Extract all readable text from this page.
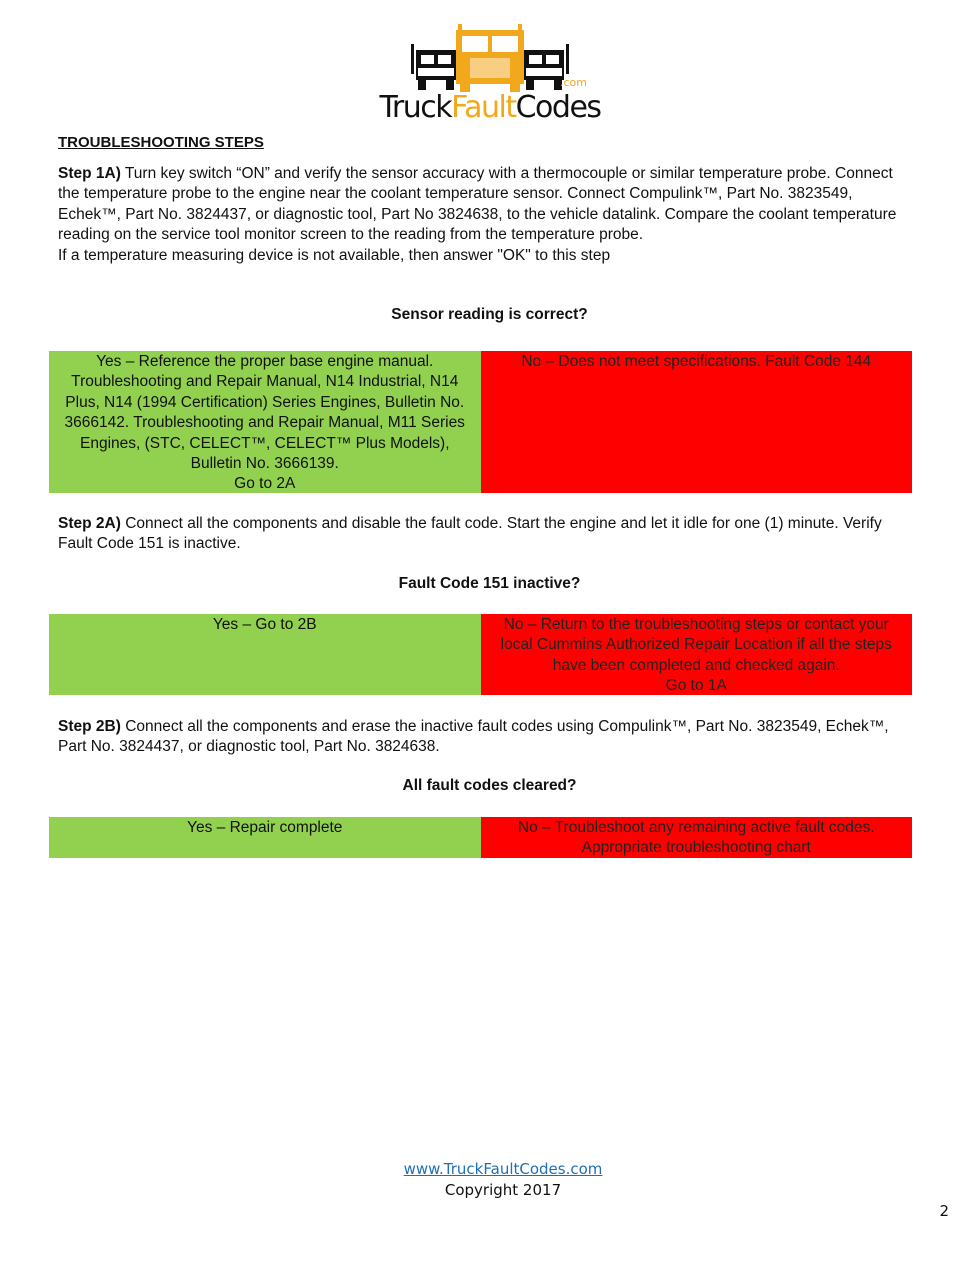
TruckFaultCodes
.com
TROUBLESHOOTING STEPS

Step 1A) Turn key switch “ON” and verify the sensor accuracy with a thermocouple or similar temperature probe. Connect the temperature probe to the engine near the coolant temperature sensor. Connect Compulink™, Part No. 3823549, Echek™, Part No. 3824437, or diagnostic tool, Part No 3824638, to the vehicle datalink. Compare the coolant temperature reading on the service tool monitor screen to the reading from the temperature probe.
If a temperature measuring device is not available, then answer "OK" to this step

Sensor reading is correct?

Yes – Reference the proper base engine manual. Troubleshooting and Repair Manual, N14 Industrial, N14 Plus, N14 (1994 Certification) Series Engines, Bulletin No. 3666142. Troubleshooting and Repair Manual, M11 Series Engines, (STC, CELECT™, CELECT™ Plus Models), Bulletin No. 3666139.
Go to 2A
No – Does not meet specifications. Fault Code 144

Step 2A) Connect all the components and disable the fault code. Start the engine and let it idle for one (1) minute. Verify Fault Code 151 is inactive.

Fault Code 151 inactive?

Yes – Go to 2B	No – Return to the troubleshooting steps or contact your local Cummins Authorized Repair Location if all the steps have been completed and checked again.
Go to 1A

Step 2B) Connect all the components and erase the inactive fault codes using Compulink™, Part No. 3823549, Echek™, Part No. 3824437, or diagnostic tool, Part No. 3824638.

All fault codes cleared?

Yes – Repair complete	No – Troubleshoot any remaining active fault codes. Appropriate troubleshooting chart
www.TruckFaultCodes.com
Copyright 2017
2
